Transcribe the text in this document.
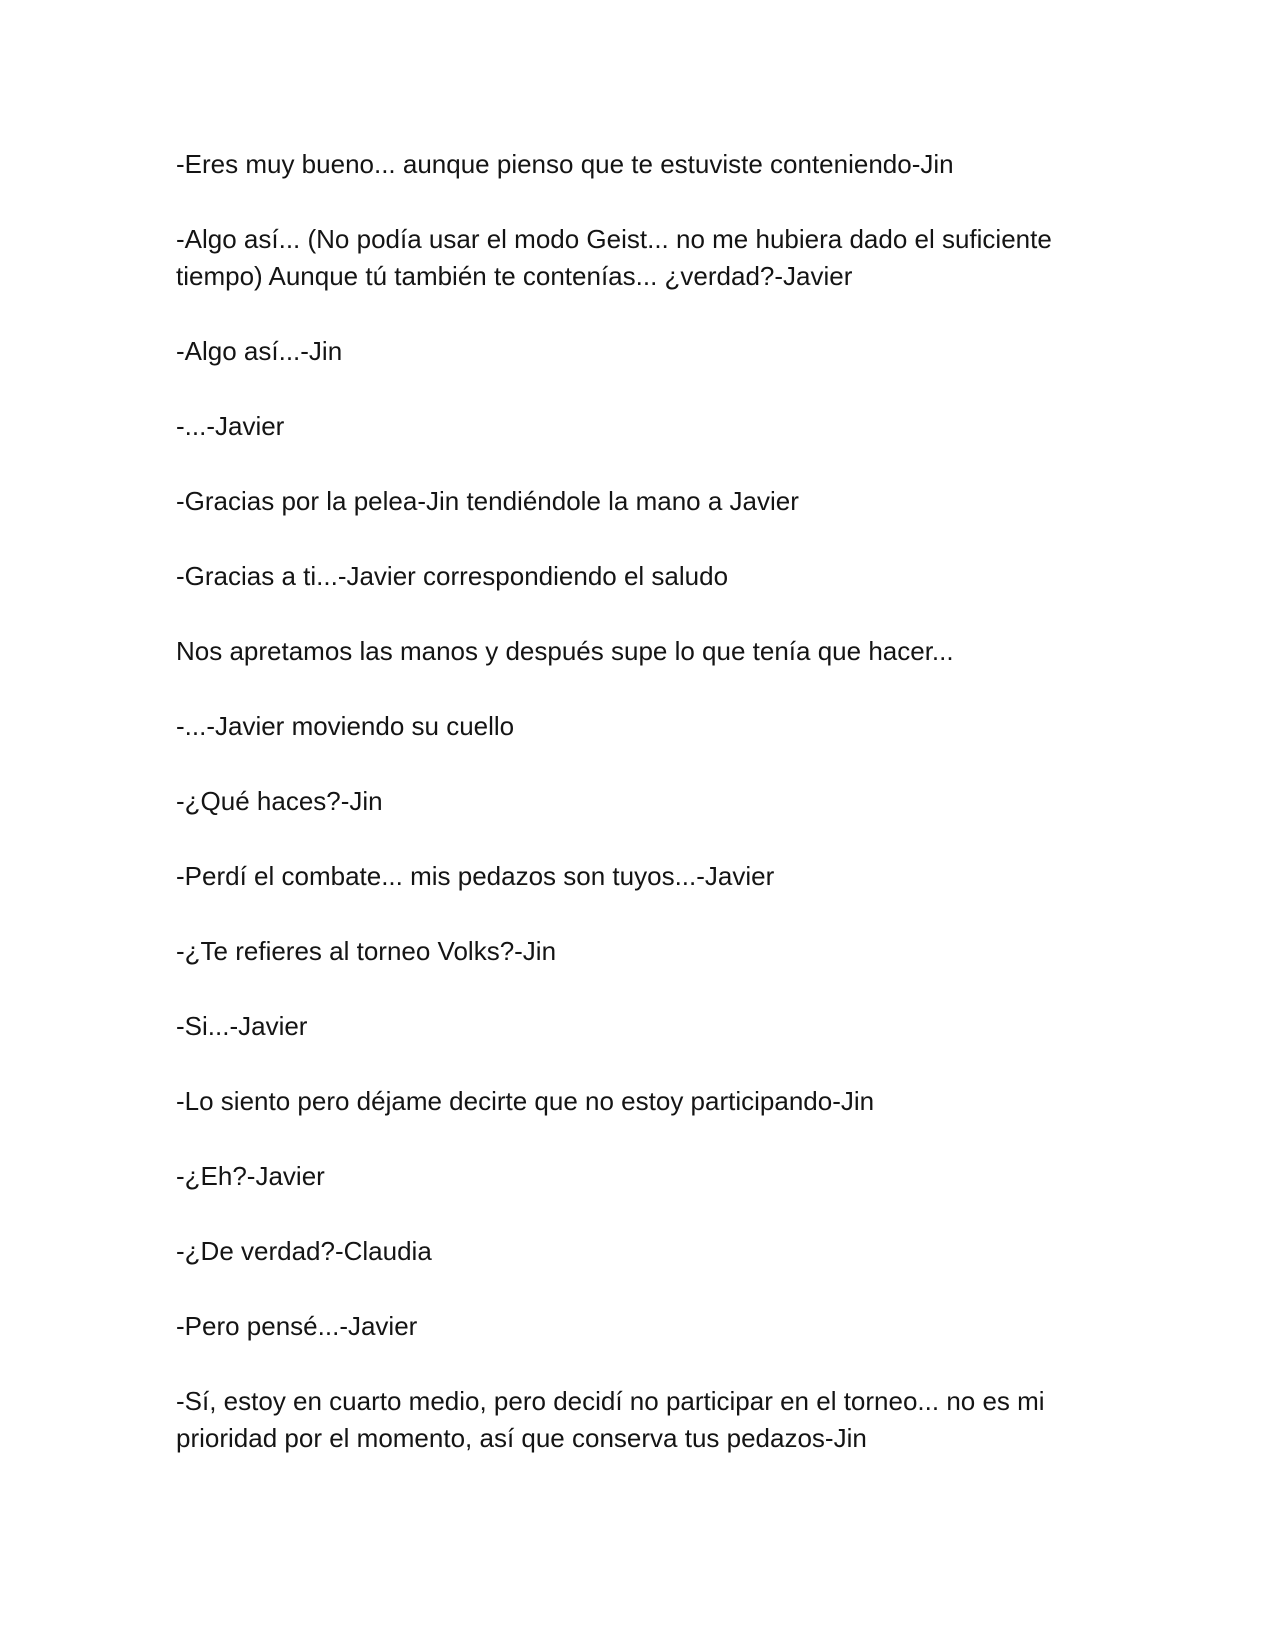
-Eres muy bueno... aunque pienso que te estuviste conteniendo-Jin

-Algo así... (No podía usar el modo Geist... no me hubiera dado el suficiente tiempo) Aunque tú también te contenías... ¿verdad?-Javier

-Algo así...-Jin

-...-Javier

-Gracias por la pelea-Jin tendiéndole la mano a Javier

-Gracias a ti...-Javier correspondiendo el saludo

Nos apretamos las manos y después supe lo que tenía que hacer...

-...-Javier moviendo su cuello

-¿Qué haces?-Jin

-Perdí el combate... mis pedazos son tuyos...-Javier

-¿Te refieres al torneo Volks?-Jin

-Si...-Javier

-Lo siento pero déjame decirte que no estoy participando-Jin

-¿Eh?-Javier

-¿De verdad?-Claudia

-Pero pensé...-Javier

-Sí, estoy en cuarto medio, pero decidí no participar en el torneo... no es mi prioridad por el momento, así que conserva tus pedazos-Jin
